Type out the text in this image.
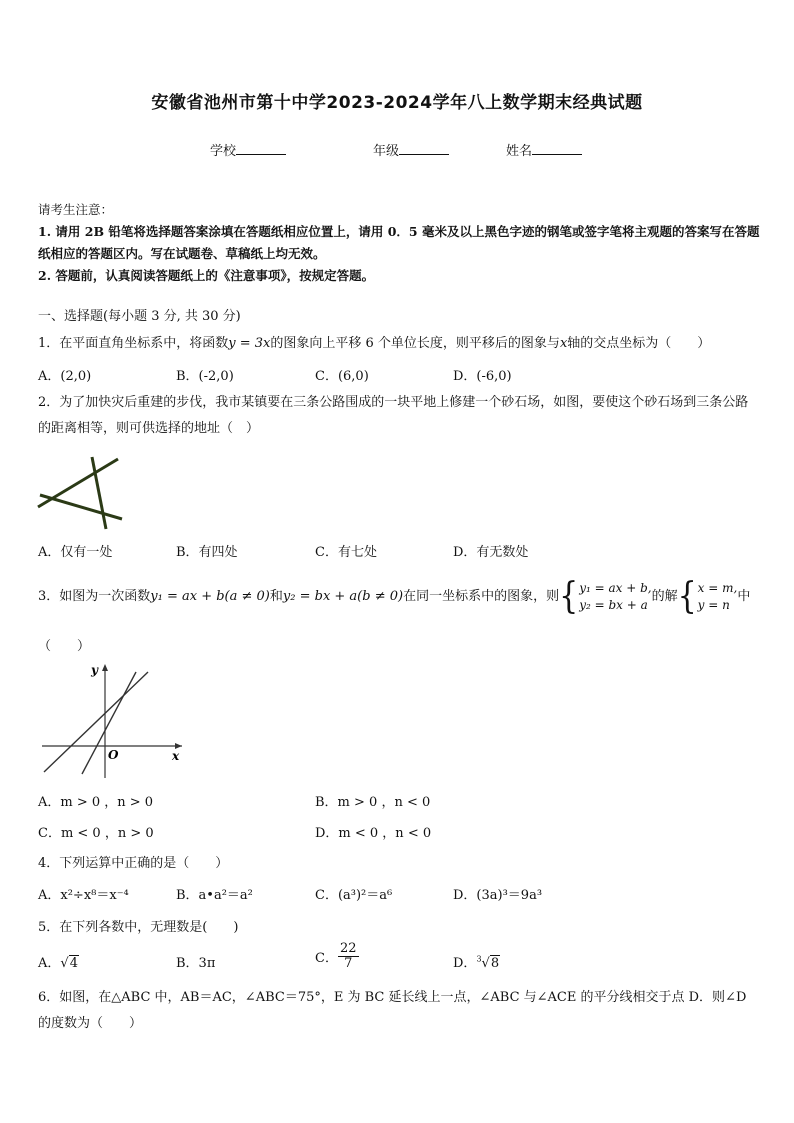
安徽省池州市第十中学2023-2024学年八上数学期末经典试题
学校	年级	姓名
请考生注意：
1. 请用 2B 铅笔将选择题答案涂填在答题纸相应位置上，请用 0．5 毫米及以上黑色字迹的钢笔或签字笔将主观题的答案写在答题纸相应的答题区内。写在试题卷、草稿纸上均无效。
2. 答题前，认真阅读答题纸上的《注意事项》，按规定答题。
一、选择题(每小题 3 分, 共 30 分)
1．在平面直角坐标系中，将函数y = 3x的图象向上平移 6 个单位长度，则平移后的图象与x轴的交点坐标为（　　）
A．(2,0)	B．(-2,0)	C．(6,0)	D．(-6,0)
2．为了加快灾后重建的步伐，我市某镇要在三条公路围成的一块平地上修建一个砂石场，如图，要使这个砂石场到三条公路的距离相等，则可供选择的地址（　）
A．仅有一处	B．有四处	C．有七处	D．有无数处
3．如图为一次函数y₁ = ax + b(a ≠ 0)和y₂ = bx + a(b ≠ 0)在同一坐标系中的图象，则{ y₁ = ax + b,
y₂ = bx + a
的解{ x = m,
y = n
中
（　　）
y
x
O
A．m > 0 ，n > 0	B．m > 0 ，n < 0
C．m < 0 ，n > 0	D．m < 0 ，n < 0
4．下列运算中正确的是（　　）
A．x²÷x⁸＝x⁻⁴	B．a•a²＝a²	C．(a³)²＝a⁶	D．(3a)³＝9a³
5．在下列各数中，无理数是(　　)
A．√4	B．3π	C． $\frac{22}{7}$	D．$^3$√8
6．如图，在△ABC 中，AB＝AC，∠ABC＝75°，E 为 BC 延长线上一点，∠ABC 与∠ACE 的平分线相交于点 D．则∠D 的度数为（　　）
